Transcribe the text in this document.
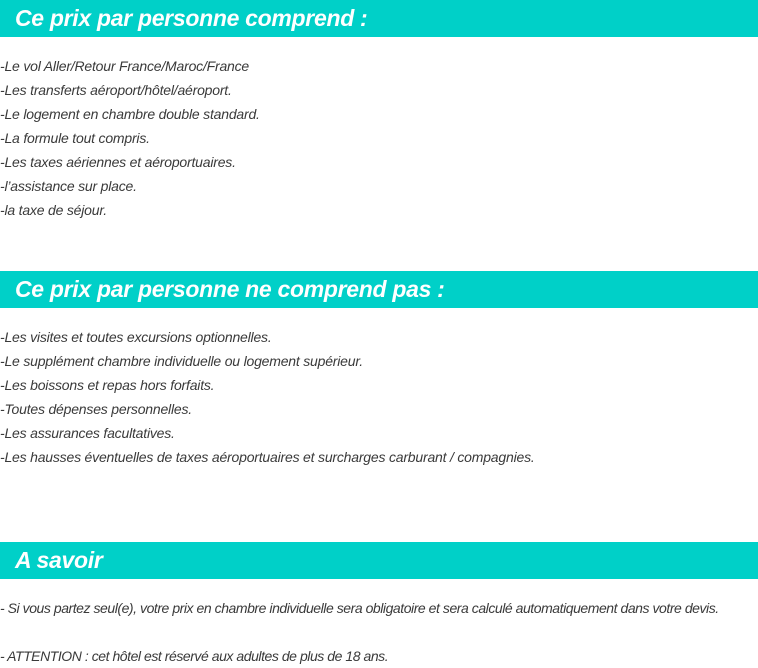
Ce prix par personne comprend :
-Le vol Aller/Retour France/Maroc/France
-Les transferts aéroport/hôtel/aéroport.
-Le logement en chambre double standard.
-La formule tout compris.
-Les taxes aériennes et aéroportuaires.
-l’assistance sur place.
-la taxe de séjour.
Ce prix par personne ne comprend pas :
-Les visites et toutes excursions optionnelles.
-Le supplément chambre individuelle ou logement supérieur.
-Les boissons et repas hors forfaits.
-Toutes dépenses personnelles.
-Les assurances facultatives.
-Les hausses éventuelles de taxes aéroportuaires et surcharges carburant / compagnies.
A savoir

- Si vous partez seul(e), votre prix en chambre individuelle sera obligatoire et sera calculé automatiquement dans votre devis.

- ATTENTION : cet hôtel est réservé aux adultes de plus de 18 ans.
